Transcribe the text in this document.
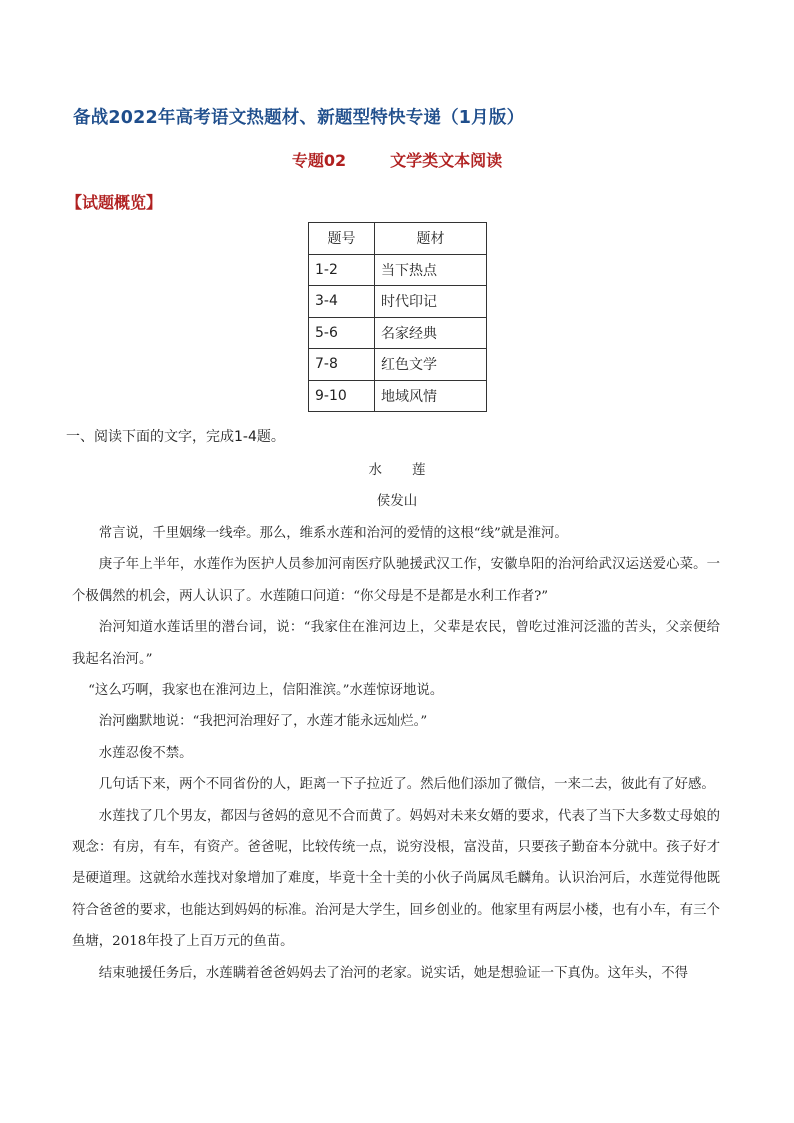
备战2022年高考语文热题材、新题型特快专递（1月版）
专题02	文学类文本阅读
【试题概览】
题号	题材
1-2	当下热点
3-4	时代印记
5-6	名家经典
7-8	红色文学
9-10	地域风情
一、阅读下面的文字，完成1-4题。
水 莲
侯发山

常言说，千里姻缘一线牵。那么，维系水莲和治河的爱情的这根“线”就是淮河。

庚子年上半年，水莲作为医护人员参加河南医疗队驰援武汉工作，安徽阜阳的治河给武汉运送爱心菜。一个极偶然的机会，两人认识了。水莲随口问道：“你父母是不是都是水利工作者?”

治河知道水莲话里的潜台词，说：“我家住在淮河边上，父辈是农民，曾吃过淮河泛滥的苦头，父亲便给我起名治河。”

“这么巧啊，我家也在淮河边上，信阳淮滨。”水莲惊讶地说。

治河幽默地说：“我把河治理好了，水莲才能永远灿烂。”

水莲忍俊不禁。

几句话下来，两个不同省份的人，距离一下子拉近了。然后他们添加了微信，一来二去，彼此有了好感。

水莲找了几个男友，都因与爸妈的意见不合而黄了。妈妈对未来女婿的要求，代表了当下大多数丈母娘的观念：有房，有车，有资产。爸爸呢，比较传统一点，说穷没根，富没苗，只要孩子勤奋本分就中。孩子好才是硬道理。这就给水莲找对象增加了难度，毕竟十全十美的小伙子尚属凤毛麟角。认识治河后，水莲觉得他既符合爸爸的要求，也能达到妈妈的标准。治河是大学生，回乡创业的。他家里有两层小楼，也有小车，有三个鱼塘，2018年投了上百万元的鱼苗。

结束驰援任务后，水莲瞒着爸爸妈妈去了治河的老家。说实话，她是想验证一下真伪。这年头，不得
